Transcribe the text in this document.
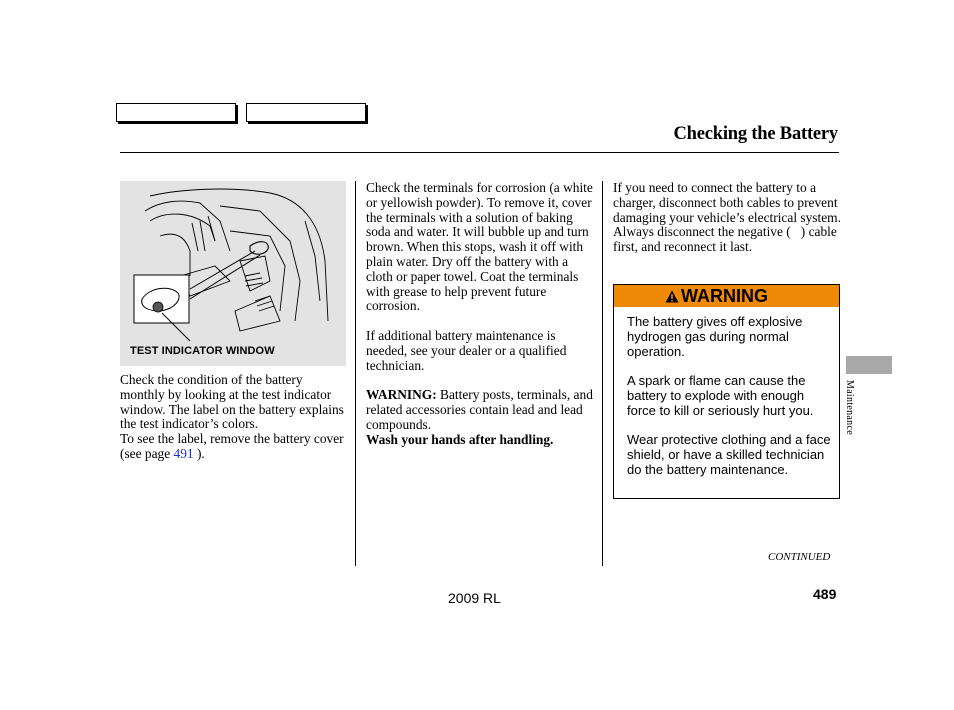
Checking the Battery
TEST INDICATOR WINDOW

Check the condition of the battery monthly by looking at the test indicator window. The label on the battery explains the test indicator’s colors.

To see the label, remove the battery cover (see page 491 ).

Check the terminals for corrosion (a white or yellowish powder). To remove it, cover the terminals with a solution of baking soda and water. It will bubble up and turn brown. When this stops, wash it off with plain water. Dry off the battery with a cloth or paper towel. Coat the terminals with grease to help prevent future corrosion.

If additional battery maintenance is needed, see your dealer or a qualified technician.

WARNING: Battery posts, terminals, and related accessories contain lead and lead compounds.
Wash your hands after handling.

If you need to connect the battery to a charger, disconnect both cables to prevent damaging your vehicle’s electrical system. Always disconnect the negative (   ) cable first, and reconnect it last.

WARNING

The battery gives off explosive hydrogen gas during normal operation.

A spark or flame can cause the battery to explode with enough force to kill or seriously hurt you.

Wear protective clothing and a face shield, or have a skilled technician do the battery maintenance.

Maintenance
CONTINUED
2009 RL	489
